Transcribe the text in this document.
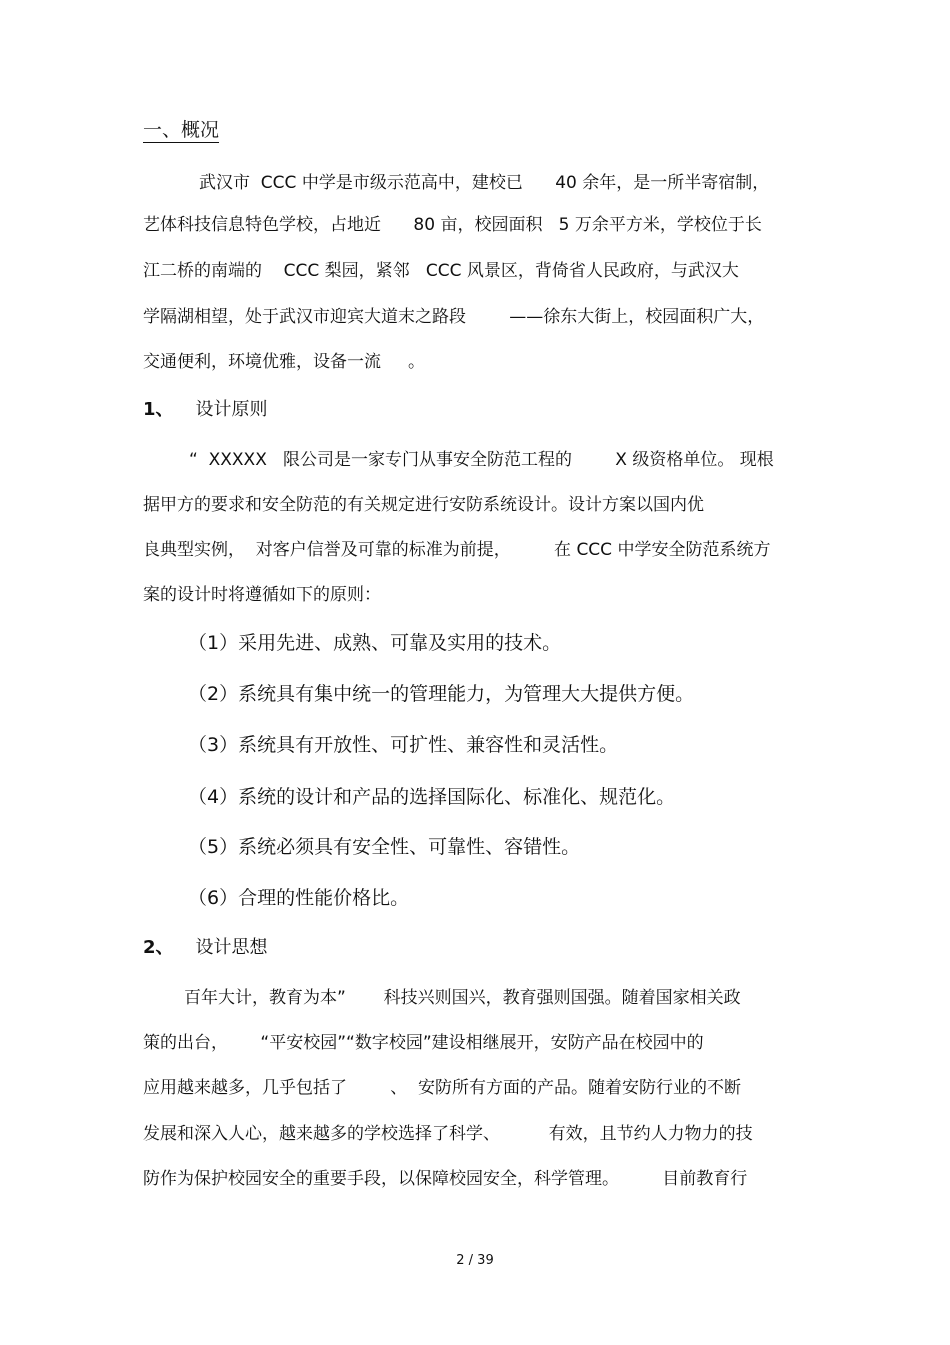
一、概况
武汉市  CCC 中学是市级示范高中，建校已      40 余年，是一所半寄宿制，
艺体科技信息特色学校，占地近      80 亩，校园面积   5 万余平方米，学校位于长
江二桥的南端的    CCC 梨园，紧邻   CCC 风景区，背倚省人民政府，与武汉大
学隔湖相望，处于武汉市迎宾大道末之路段        ——徐东大街上，校园面积广大，
交通便利，环境优雅，设备一流     。
1、 设计原则
“  XXXXX   限公司是一家专门从事安全防范工程的        X 级资格单位。 现根
据甲方的要求和安全防范的有关规定进行安防系统设计。设计方案以国内优
良典型实例，  对客户信誉及可靠的标准为前提，        在 CCC 中学安全防范系统方
案的设计时将遵循如下的原则：
（1）采用先进、成熟、可靠及实用的技术。
（2）系统具有集中统一的管理能力，为管理大大提供方便。
（3）系统具有开放性、可扩性、兼容性和灵活性。
（4）系统的设计和产品的选择国际化、标准化、规范化。
（5）系统必须具有安全性、可靠性、容错性。
（6）合理的性能价格比。
2、 设计思想
百年大计，教育为本”       科技兴则国兴，教育强则国强。随着国家相关政
策的出台，      “平安校园”“数字校园”建设相继展开，安防产品在校园中的
应用越来越多，几乎包括了        、  安防所有方面的产品。随着安防行业的不断
发展和深入人心，越来越多的学校选择了科学、         有效，且节约人力物力的技
防作为保护校园安全的重要手段，以保障校园安全，科学管理。        目前教育行
2 / 39
